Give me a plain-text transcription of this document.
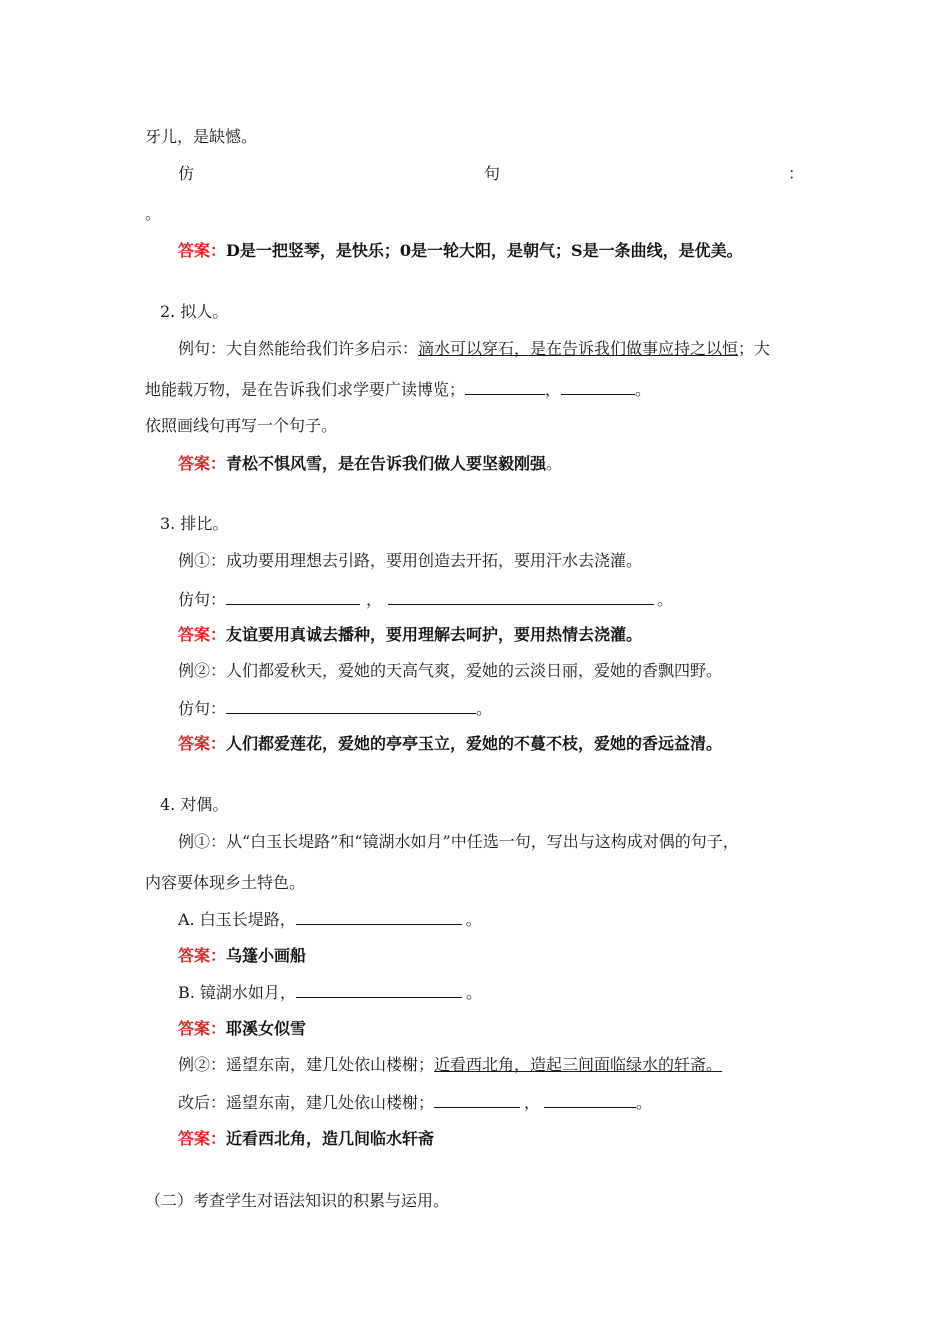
牙儿，是缺憾。
仿	句	：
。
答案：D是一把竖琴，是快乐；0是一轮大阳，是朝气；S是一条曲线，是优美。
2. 拟人。
例句：大自然能给我们许多启示：滴水可以穿石，是在告诉我们做事应持之以恒；大
地能载万物，是在告诉我们求学要广读博览；	，	。
依照画线句再写一个句子。
答案：青松不惧风雪，是在告诉我们做人要坚毅刚强。
3. 排比。
例①：成功要用理想去引路，要用创造去开拓，要用汗水去浇灌。
仿句：	，	。
答案：友谊要用真诚去播种，要用理解去呵护，要用热情去浇灌。
例②：人们都爱秋天，爱她的天高气爽，爱她的云淡日丽，爱她的香飘四野。
仿句：	。
答案：人们都爱莲花，爱她的亭亭玉立，爱她的不蔓不枝，爱她的香远益清。
4. 对偶。
例①：从“白玉长堤路”和“镜湖水如月”中任选一句，写出与这构成对偶的句子，
内容要体现乡土特色。
A. 白玉长堤路，	。
答案：乌篷小画船
B. 镜湖水如月，	。
答案：耶溪女似雪
例②：遥望东南，建几处依山楼榭；近看西北角，造起三间面临绿水的轩斋。
改后：遥望东南，建几处依山楼榭；	，	。
答案：近看西北角，造几间临水轩斋
（二）考查学生对语法知识的积累与运用。
